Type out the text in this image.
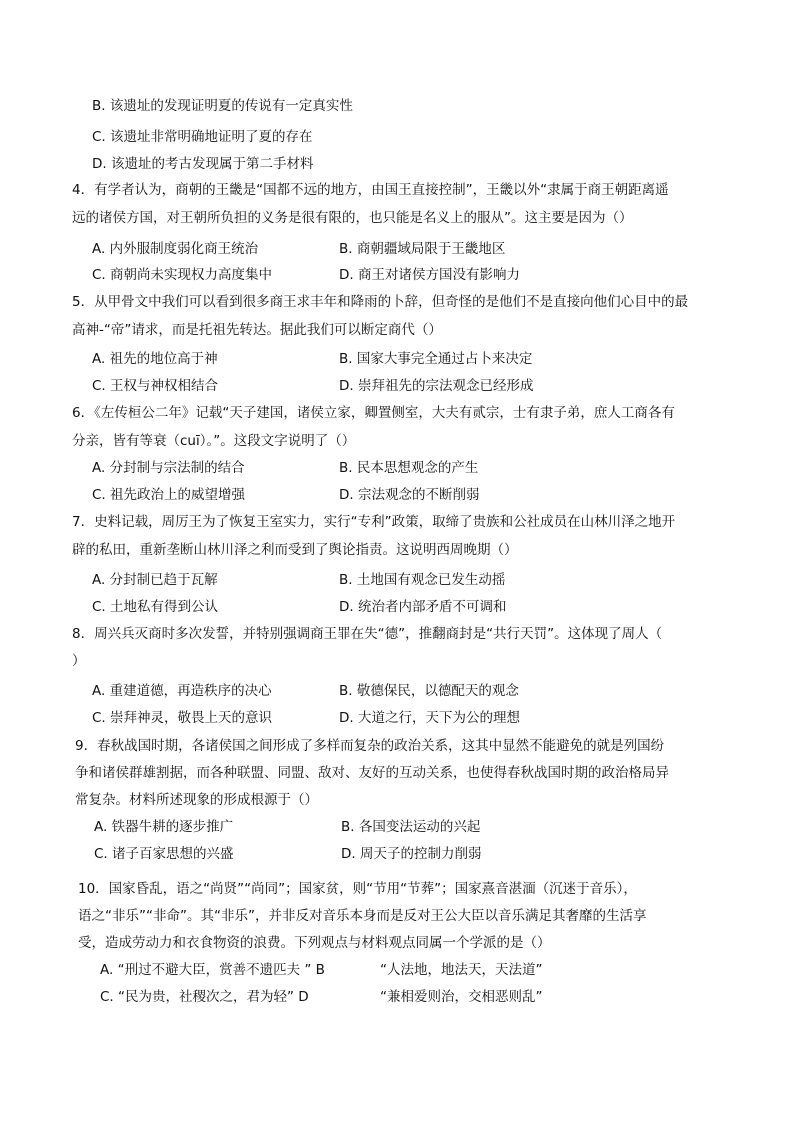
B. 该遗址的发现证明夏的传说有一定真实性
C. 该遗址非常明确地证明了夏的存在
D. 该遗址的考古发现属于第二手材料
4．有学者认为，商朝的王畿是“国都不远的地方，由国王直接控制”，王畿以外“隶属于商王朝距离遥
远的诸侯方国，对王朝所负担的义务是很有限的，也只能是名义上的服从”。这主要是因为（）
A. 内外服制度弱化商王统治	B. 商朝疆域局限于王畿地区
C. 商朝尚未实现权力高度集中	D. 商王对诸侯方国没有影响力
5．从甲骨文中我们可以看到很多商王求丰年和降雨的卜辞，但奇怪的是他们不是直接向他们心目中的最
高神-“帝”请求，而是托祖先转达。据此我们可以断定商代（）
A. 祖先的地位高于神	B. 国家大事完全通过占卜来决定
C. 王权与神权相结合	D. 崇拜祖先的宗法观念已经形成
6．《左传桓公二年》记载“天子建国，诸侯立家，卿置侧室，大夫有贰宗，士有隶子弟，庶人工商各有
分亲，皆有等衰（cuī）。”。这段文字说明了（）
A. 分封制与宗法制的结合	B. 民本思想观念的产生
C. 祖先政治上的威望增强	D. 宗法观念的不断削弱
7．史料记载，周厉王为了恢复王室实力，实行“专利”政策，取缔了贵族和公社成员在山林川泽之地开
辟的私田，重新垄断山林川泽之利而受到了舆论指责。这说明西周晚期（）
A. 分封制已趋于瓦解	B. 土地国有观念已发生动摇
C. 土地私有得到公认	D. 统治者内部矛盾不可调和
8．周兴兵灭商时多次发誓，并特别强调商王罪在失“德”，推翻商封是“共行天罚”。这体现了周人（
）
A. 重建道德，再造秩序的决心	B. 敬德保民，以德配天的观念
C. 崇拜神灵，敬畏上天的意识	D. 大道之行，天下为公的理想
9．春秋战国时期，各诸侯国之间形成了多样而复杂的政治关系，这其中显然不能避免的就是列国纷
争和诸侯群雄割据，而各种联盟、同盟、敌对、友好的互动关系，也使得春秋战国时期的政治格局异
常复杂。材料所述现象的形成根源于（）
A. 铁器牛耕的逐步推广	B. 各国变法运动的兴起
C. 诸子百家思想的兴盛	D. 周天子的控制力削弱
10．国家昏乱，语之“尚贤”“尚同”；国家贫，则“节用“节葬”；国家熹音湛湎（沉迷于音乐），
语之“非乐”“非命”。其“非乐”，并非反对音乐本身而是反对王公大臣以音乐满足其奢靡的生活享
受，造成劳动力和衣食物资的浪费。下列观点与材料观点同属一个学派的是（）
A. “刑过不避大臣，赏善不遗匹夫 ” B	“人法地，地法天，天法道”
C. “民为贵，社稷次之，君为轻” D	“兼相爱则治，交相恶则乱”
